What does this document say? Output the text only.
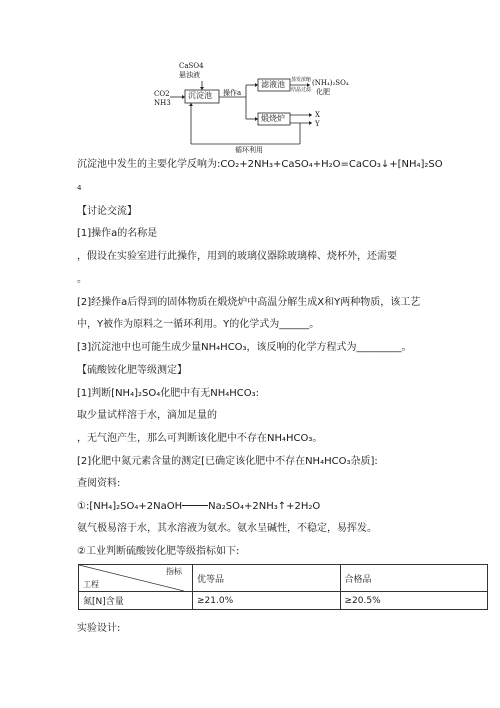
CaSO4
悬浊液
CO2
NH3
沉淀池 操作a
滤液池 蒸发浓缩
结晶过滤
(NH₄)₂SO₄
化肥
煅烧炉	X
Y
循环利用
沉淀池中发生的主要化学反响为:CO₂+2NH₃+CaSO₄+H₂O=CaCO₃↓+[NH₄]₂SO
4
【讨论交流】
[1]操作a的名称是
，假设在实验室进行此操作，用到的玻璃仪器除玻璃棒、烧杯外，还需要
。
[2]经操作a后得到的固体物质在煅烧炉中高温分解生成X和Y两种物质，该工艺
中，Y被作为原料之一循环利用。Y的化学式为______。
[3]沉淀池中也可能生成少量NH₄HCO₃，该反响的化学方程式为_________。
【硫酸铵化肥等级测定】
[1]判断[NH₄]₂SO₄化肥中有无NH₄HCO₃:
取少量试样溶于水，滴加足量的
，无气泡产生，那么可判断该化肥中不存在NH₄HCO₃。
[2]化肥中氮元素含量的测定[已确定该化肥中不存在NH₄HCO₃杂质]:
查阅资料:
①:[NH₄]₂SO₄+2NaOH	Na₂SO₄+2NH₃↑+2H₂O
氨气极易溶于水，其水溶液为氨水。氨水呈碱性，不稳定，易挥发。
②工业判断硫酸铵化肥等级指标如下:
指标
工程	优等品	合格品
氮[N]含量	≥21.0%	≥20.5%
实验设计:
